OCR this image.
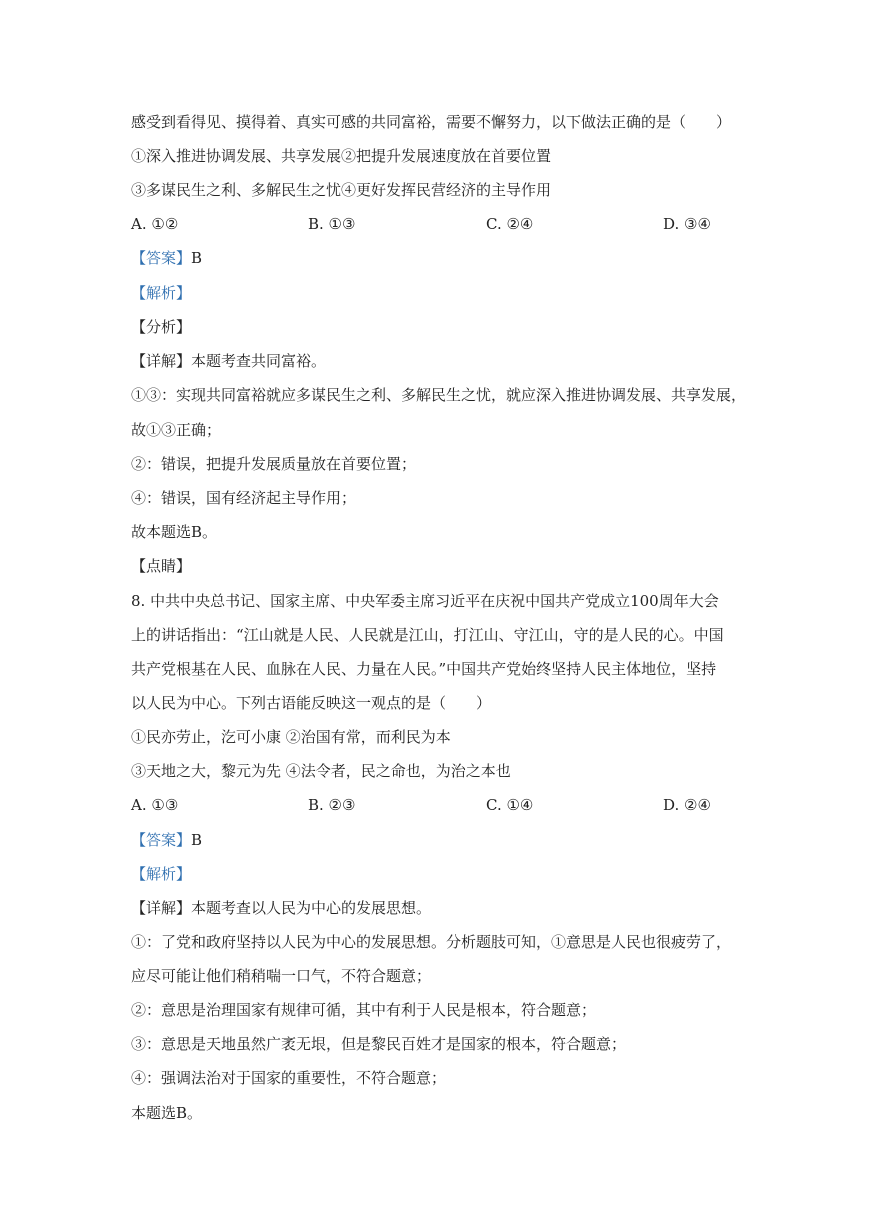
感受到看得见、摸得着、真实可感的共同富裕，需要不懈努力，以下做法正确的是（　　）
①深入推进协调发展、共享发展②把提升发展速度放在首要位置
③多谋民生之利、多解民生之忧④更好发挥民营经济的主导作用
A. ①②	B. ①③	C. ②④	D. ③④
【答案】B
【解析】
【分析】
【详解】本题考查共同富裕。
①③：实现共同富裕就应多谋民生之利、多解民生之忧，就应深入推进协调发展、共享发展，
故①③正确；
②：错误，把提升发展质量放在首要位置；
④：错误，国有经济起主导作用；
故本题选B。
【点睛】
8. 中共中央总书记、国家主席、中央军委主席习近平在庆祝中国共产党成立100周年大会
上的讲话指出：“江山就是人民、人民就是江山，打江山、守江山，守的是人民的心。中国
共产党根基在人民、血脉在人民、力量在人民。”中国共产党始终坚持人民主体地位，坚持
以人民为中心。下列古语能反映这一观点的是（　　）
①民亦劳止，汔可小康 ②治国有常，而利民为本
③天地之大，黎元为先 ④法令者，民之命也，为治之本也
A. ①③	B. ②③	C. ①④	D. ②④
【答案】B
【解析】
【详解】本题考查以人民为中心的发展思想。
①：了党和政府坚持以人民为中心的发展思想。分析题肢可知，①意思是人民也很疲劳了，
应尽可能让他们稍稍喘一口气，不符合题意；
②：意思是治理国家有规律可循，其中有利于人民是根本，符合题意；
③：意思是天地虽然广袤无垠，但是黎民百姓才是国家的根本，符合题意；
④：强调法治对于国家的重要性，不符合题意；
本题选B。
